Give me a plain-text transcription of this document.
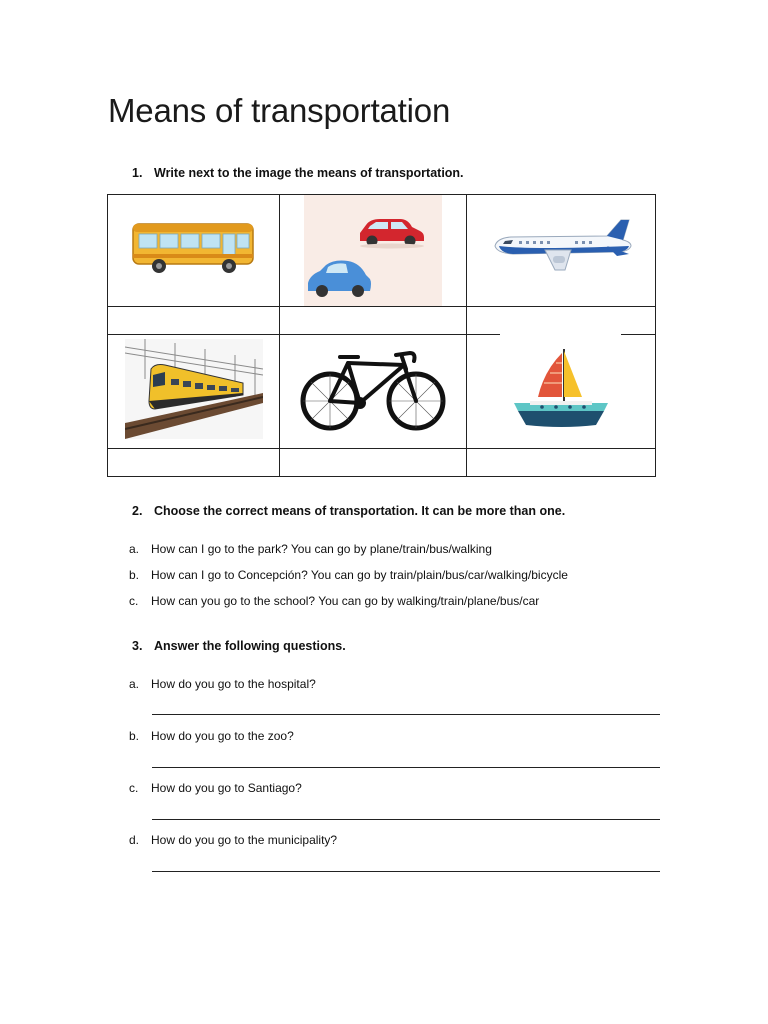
Means of transportation
1. Write next to the image the means of transportation.

2. Choose the correct means of transportation. It can be more than one.
a. How can I go to the park? You can go by plane/train/bus/walking
b. How can I go to Concepción? You can go by train/plain/bus/car/walking/bicycle
c. How can you go to the school? You can go by walking/train/plane/bus/car
3. Answer the following questions.
a. How do you go to the hospital?
b. How do you go to the zoo?
c. How do you go to Santiago?
d. How do you go to the municipality?
